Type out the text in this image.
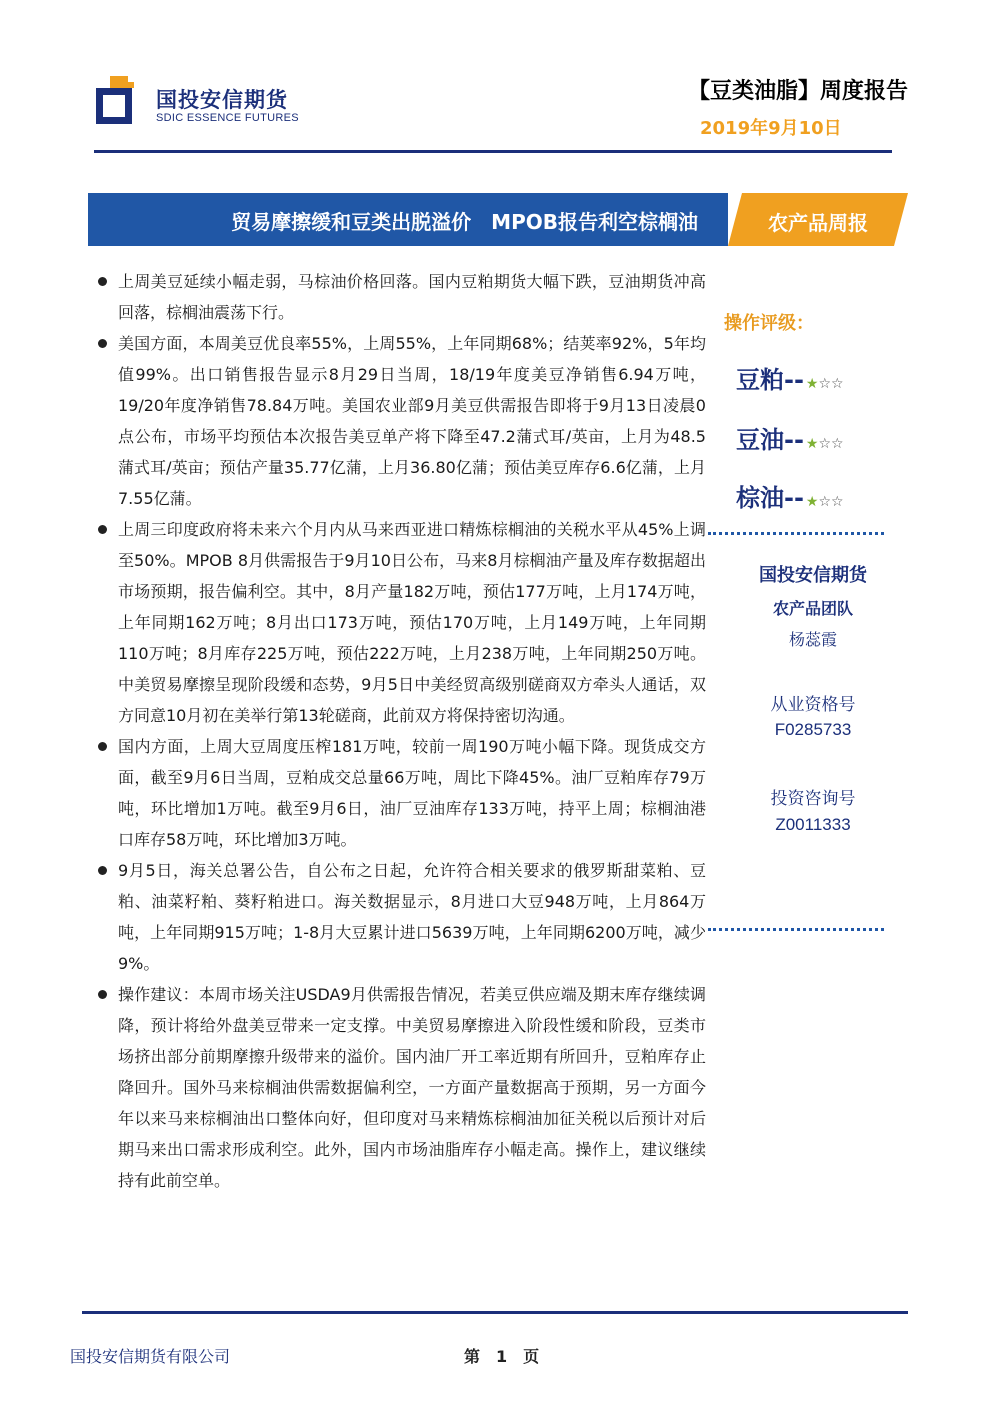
国投安信期货
SDIC ESSENCE FUTURES
【豆类油脂】周度报告
2019年9月10日
贸易摩擦缓和豆类出脱溢价　MPOB报告利空棕榈油	农产品周报
上周美豆延续小幅走弱，马棕油价格回落。国内豆粕期货大幅下跌，豆油期货冲高回落，棕榈油震荡下行。
美国方面，本周美豆优良率55%，上周55%，上年同期68%；结荚率92%，5年均值99%。出口销售报告显示8月29日当周，18/19年度美豆净销售6.94万吨，19/20年度净销售78.84万吨。美国农业部9月美豆供需报告即将于9月13日凌晨0点公布，市场平均预估本次报告美豆单产将下降至47.2蒲式耳/英亩，上月为48.5蒲式耳/英亩；预估产量35.77亿蒲，上月36.80亿蒲；预估美豆库存6.6亿蒲，上月7.55亿蒲。
上周三印度政府将未来六个月内从马来西亚进口精炼棕榈油的关税水平从45%上调至50%。MPOB 8月供需报告于9月10日公布，马来8月棕榈油产量及库存数据超出市场预期，报告偏利空。其中，8月产量182万吨，预估177万吨，上月174万吨，上年同期162万吨；8月出口173万吨，预估170万吨，上月149万吨，上年同期110万吨；8月库存225万吨，预估222万吨，上月238万吨，上年同期250万吨。中美贸易摩擦呈现阶段缓和态势，9月5日中美经贸高级别磋商双方牵头人通话，双方同意10月初在美举行第13轮磋商，此前双方将保持密切沟通。
国内方面，上周大豆周度压榨181万吨，较前一周190万吨小幅下降。现货成交方面，截至9月6日当周，豆粕成交总量66万吨，周比下降45%。油厂豆粕库存79万吨，环比增加1万吨。截至9月6日，油厂豆油库存133万吨，持平上周；棕榈油港口库存58万吨，环比增加3万吨。
9月5日，海关总署公告，自公布之日起，允许符合相关要求的俄罗斯甜菜粕、豆粕、油菜籽粕、葵籽粕进口。海关数据显示，8月进口大豆948万吨，上月864万吨，上年同期915万吨；1-8月大豆累计进口5639万吨，上年同期6200万吨，减少9%。
操作建议：本周市场关注USDA9月供需报告情况，若美豆供应端及期末库存继续调降，预计将给外盘美豆带来一定支撑。中美贸易摩擦进入阶段性缓和阶段，豆类市场挤出部分前期摩擦升级带来的溢价。国内油厂开工率近期有所回升，豆粕库存止降回升。国外马来棕榈油供需数据偏利空，一方面产量数据高于预期，另一方面今年以来马来棕榈油出口整体向好，但印度对马来精炼棕榈油加征关税以后预计对后期马来出口需求形成利空。此外，国内市场油脂库存小幅走高。操作上，建议继续持有此前空单。
操作评级：
豆粕-- ★☆☆
豆油-- ★☆☆
棕油-- ★☆☆
国投安信期货
农产品团队
杨蕊霞
从业资格号
F0285733
投资咨询号
Z0011333
国投安信期货有限公司	第　1　页
